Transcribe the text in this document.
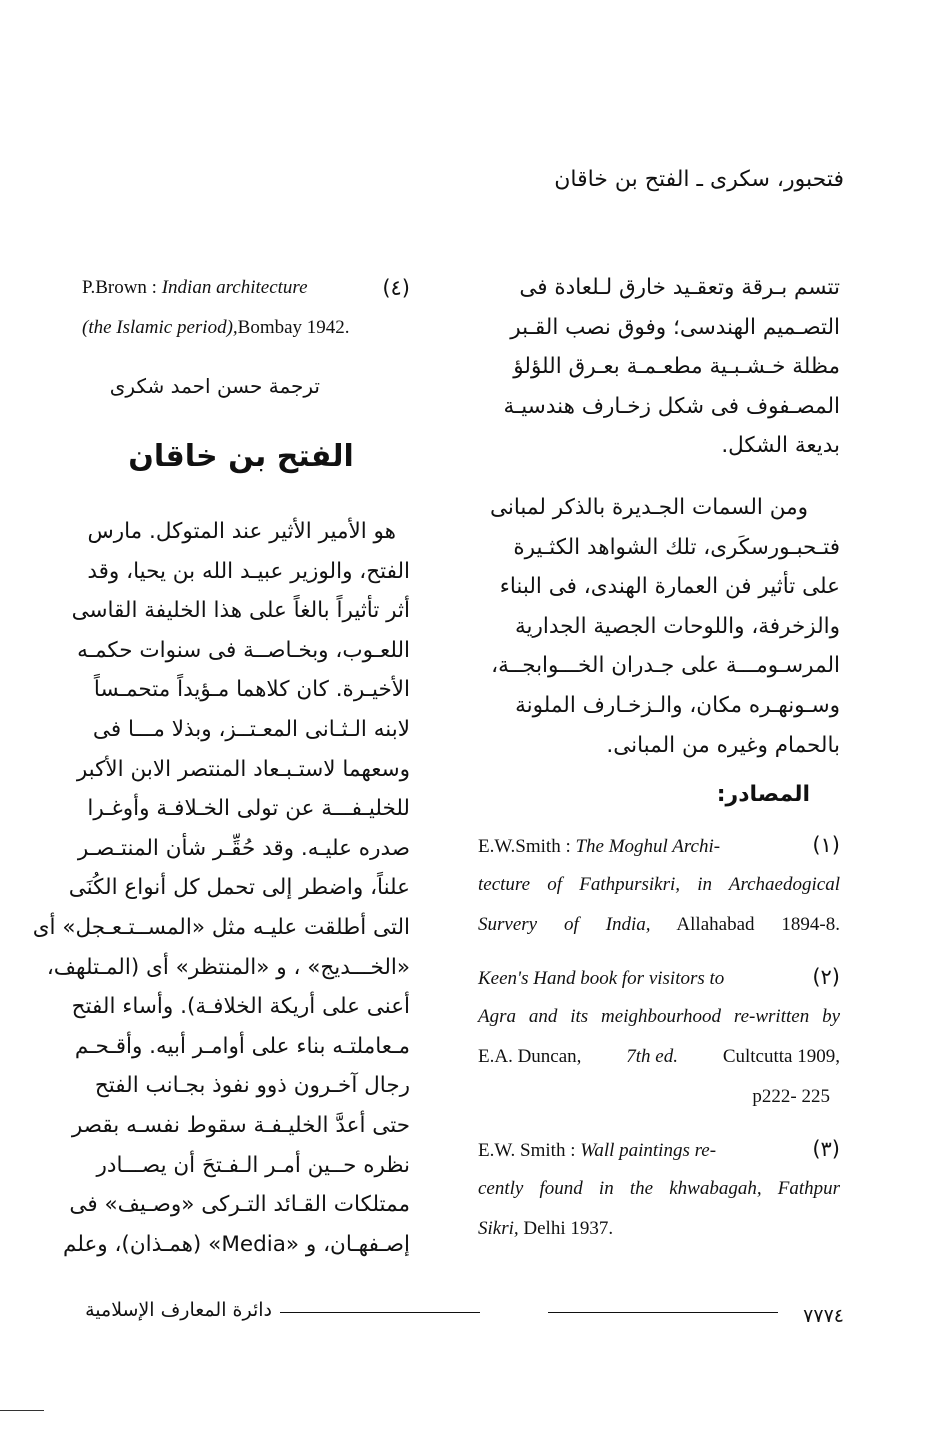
فتحبور، سكرى ـ الفتح بن خاقان
تتسم بـرقة وتعقـيد خارق لـلعادة فى
التصـميم الهندسى؛ وفوق نصب القـبر
مظلة خـشـبـية مطعـمـة بعـرق اللؤلؤ
المصـفوف فى شكل زخـارف هندسيـة
بديعة الشكل.
ومن السمات الجـديرة بالذكر لمبانى
فتـحبـورسكَرى، تلك الشواهد الكثـيرة
على تأثير فن العمارة الهندى، فى البناء
والزخرفة، واللوحات الجصية الجدارية
المرسـومـــة على جـدران الخـــوابجــة،
وسـونهـره مكان، والـزخـارف الملونة
بالحمام وغيره من المبانى.
المصادر:
E.W.Smith : The Moghul Archi-	(١)
tecture of Fathpursikri, in Archaedogical
Survery of India, Allahabad 1894-8.
Keen's Hand book for visitors to	(٢)
Agra and its meighbourhood re-written by
E.A. Duncan, 7th ed. Cultcutta 1909,
p222- 225
E.W. Smith : Wall paintings re-	(٣)
cently found in the khwabagah, Fathpur
Sikri, Delhi 1937.
P.Brown : Indian architecture	(٤)
(the Islamic period), Bombay 1942.
ترجمة حسن احمد شكرى
الفتح بن خاقان
هو الأمير الأثير عند المتوكل. مارس
الفتح، والوزير عبيـد الله بن يحيا، وقد
أثر تأثيراً بالغاً على هذا الخليفة القاسى
اللعـوب، وبخـاصــة فى سنوات حكمـه
الأخيـرة. كان كلاهما مـؤيداً متحمـساً
لابنه الـثـانى المعـتــز، وبذلا مـــا فى
وسعهما لاستـبـعاد المنتصر الابن الأكبر
للخليـفـــة عن تولى الخـلافـة وأوغـرا
صدره عليـه. وقد حُقِّـر شأن المنتـصـر
علناً، واضطر إلى تحمل كل أنواع الكُنَى
التى أطلقت عليـه مثل «المســتـعـجل» أى
«الخـــديج» ، و «المنتظر» أى (المـتلهف،
أعنى على أريكة الخلافـة). وأساء الفتح
مـعاملتـه بناء على أوامـر أبيه. وأقـحـم
رجال آخـرون ذوو نفوذ بجـانب الفتح
حتى أعدَّ الخليـفـة سقوط نفسـه بقصر
نظره حــين أمـر الـفـتحَ أن يصـــادر
ممتلكات القـائد التـركى «وصـيف» فى
إصـفهـان، و «Media» (همـذان)، وعلم
دائرة المعارف الإسلامية	٧٧٧٤
